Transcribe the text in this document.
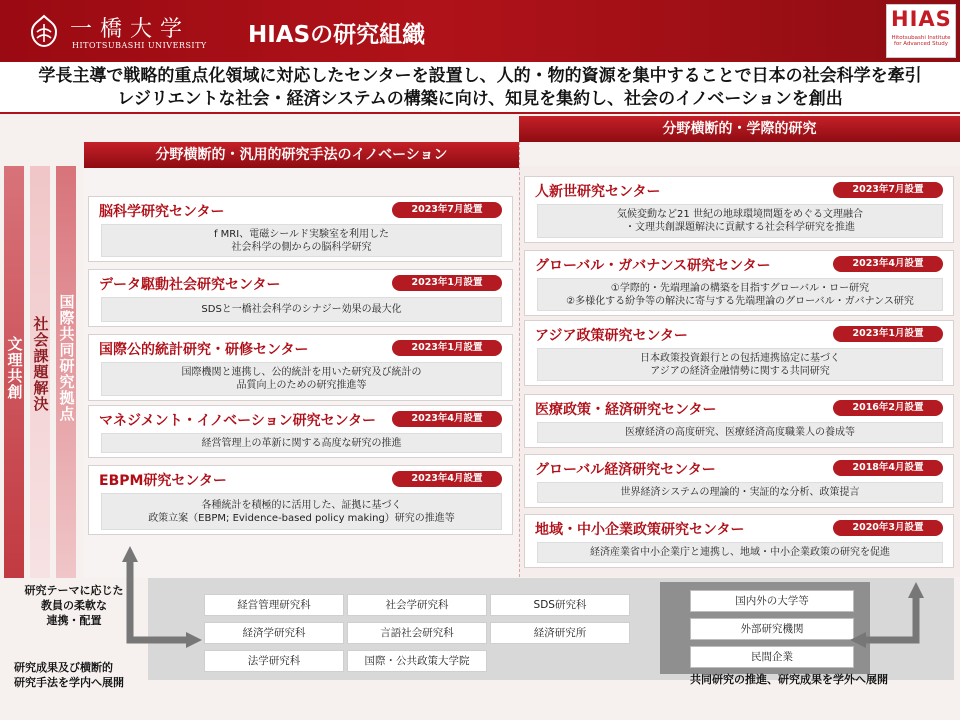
一橋大学
HITOTSUBASHI UNIVERSITY HIASの研究組織
HIAS
Hitotsubashi Institute for Advanced Study
学長主導で戦略的重点化領域に対応したセンターを設置し、人的・物的資源を集中することで日本の社会科学を牽引
レジリエントな社会・経済システムの構築に向け、知見を集約し、社会のイノベーションを創出
分野横断的・学際的研究
分野横断的・汎用的研究手法のイノベーション
文理共創 社会課題解決 国際共同研究拠点
脳科学研究センター	2023年7月設置
f MRI、電磁シールド実験室を利用した
社会科学の側からの脳科学研究
データ駆動社会研究センター	2023年1月設置
SDSと一橋社会科学のシナジー効果の最大化
国際公的統計研究・研修センター	2023年1月設置
国際機関と連携し、公的統計を用いた研究及び統計の
品質向上のための研究推進等
マネジメント・イノベーション研究センター	2023年4月設置
経営管理上の革新に関する高度な研究の推進
EBPM研究センター	2023年4月設置
各種統計を積極的に活用した、証拠に基づく
政策立案（EBPM; Evidence-based policy making）研究の推進等
人新世研究センター	2023年7月設置
気候変動など21 世紀の地球環境問題をめぐる文理融合
・文理共創課題解決に貢献する社会科学研究を推進
グローバル・ガバナンス研究センター	2023年4月設置
①学際的・先端理論の構築を目指すグローバル・ロー研究
②多様化する紛争等の解決に寄与する先端理論のグローバル・ガバナンス研究
アジア政策研究センター	2023年1月設置
日本政策投資銀行との包括連携協定に基づく
アジアの経済金融情勢に関する共同研究
医療政策・経済研究センター	2016年2月設置
医療経済の高度研究、医療経済高度職業人の養成等
グローバル経済研究センター	2018年4月設置
世界経済システムの理論的・実証的な分析、政策提言
地域・中小企業政策研究センター	2020年3月設置
経済産業省中小企業庁と連携し、地域・中小企業政策の研究を促進
経営管理研究科	社会学研究科	SDS研究科
経済学研究科	言語社会研究科	経済研究所
法学研究科	国際・公共政策大学院
国内外の大学等
外部研究機関
民間企業
研究テーマに応じた
教員の柔軟な
連携・配置
研究成果及び横断的
研究手法を学内へ展開	共同研究の推進、研究成果を学外へ展開
